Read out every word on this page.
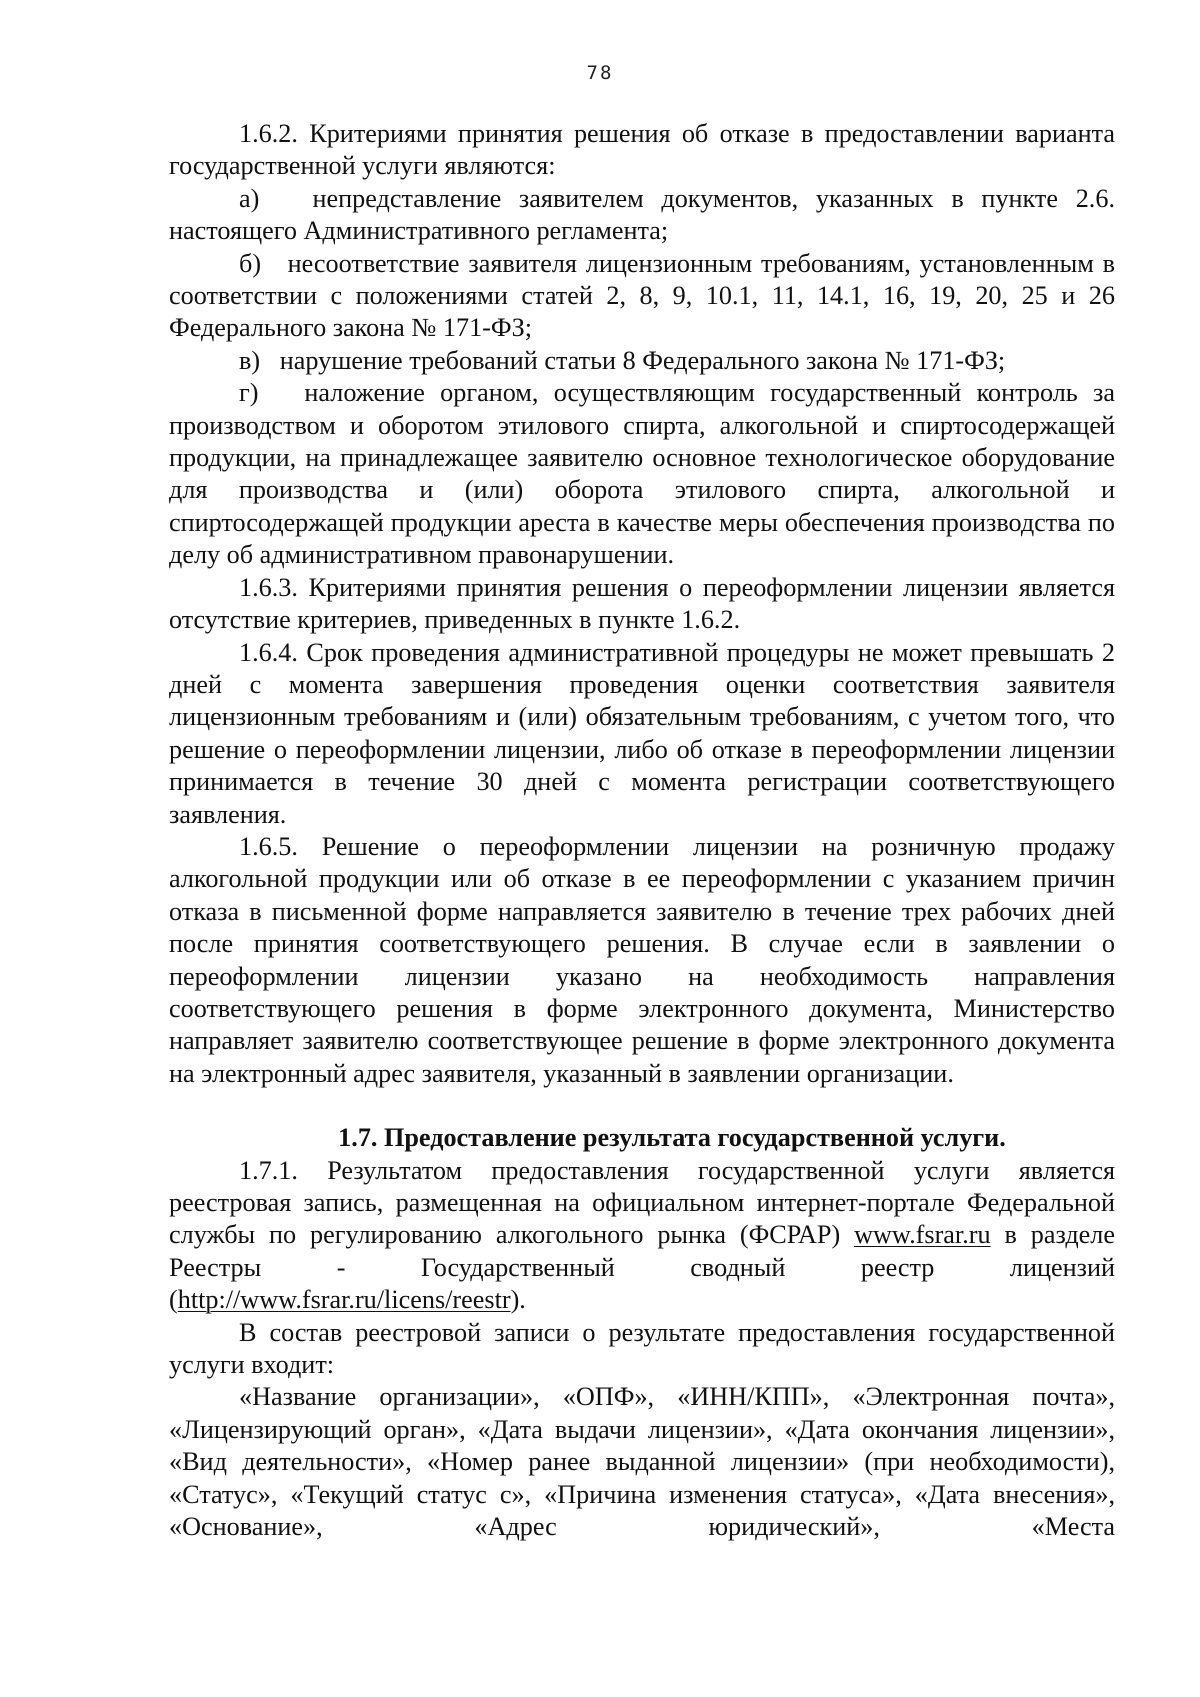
78

1.6.2. Критериями принятия решения об отказе в предоставлении варианта государственной услуги являются:

а)   непредставление заявителем документов, указанных в пункте 2.6. настоящего Административного регламента;

б)   несоответствие заявителя лицензионным требованиям, установленным в соответствии с положениями статей 2, 8, 9, 10.1, 11, 14.1, 16, 19, 20, 25 и 26 Федерального закона № 171-ФЗ;

в)   нарушение требований статьи 8 Федерального закона № 171-ФЗ;

г)   наложение органом, осуществляющим государственный контроль за производством и оборотом этилового спирта, алкогольной и спиртосодержащей продукции, на принадлежащее заявителю основное технологическое оборудование для производства и (или) оборота этилового спирта, алкогольной и спиртосодержащей продукции ареста в качестве меры обеспечения производства по делу об административном правонарушении.

1.6.3. Критериями принятия решения о переоформлении лицензии является отсутствие критериев, приведенных в пункте 1.6.2.

1.6.4. Срок проведения административной процедуры не может превышать 2 дней с момента завершения проведения оценки соответствия заявителя лицензионным требованиям и (или) обязательным требованиям, с учетом того, что решение о переоформлении лицензии, либо об отказе в переоформлении лицензии принимается в течение 30 дней с момента регистрации соответствующего заявления.

1.6.5. Решение о переоформлении лицензии на розничную продажу алкогольной продукции или об отказе в ее переоформлении с указанием причин отказа в письменной форме направляется заявителю в течение трех рабочих дней после принятия соответствующего решения. В случае если в заявлении о переоформлении лицензии указано на необходимость направления соответствующего решения в форме электронного документа, Министерство направляет заявителю соответствующее решение в форме электронного документа на электронный адрес заявителя, указанный в заявлении организации.

1.7. Предоставление результата государственной услуги.

1.7.1. Результатом предоставления государственной услуги является реестровая запись, размещенная на официальном интернет-портале Федеральной службы по регулированию алкогольного рынка (ФСРАР) www.fsrar.ru в разделе Реестры - Государственный сводный реестр лицензий (http://www.fsrar.ru/licens/reestr).

В состав реестровой записи о результате предоставления государственной услуги входит:

«Название организации», «ОПФ», «ИНН/КПП», «Электронная почта», «Лицензирующий орган», «Дата выдачи лицензии», «Дата окончания лицензии», «Вид деятельности», «Номер ранее выданной лицензии» (при необходимости), «Статус», «Текущий статус с», «Причина изменения статуса», «Дата внесения», «Основание», «Адрес юридический», «Места
